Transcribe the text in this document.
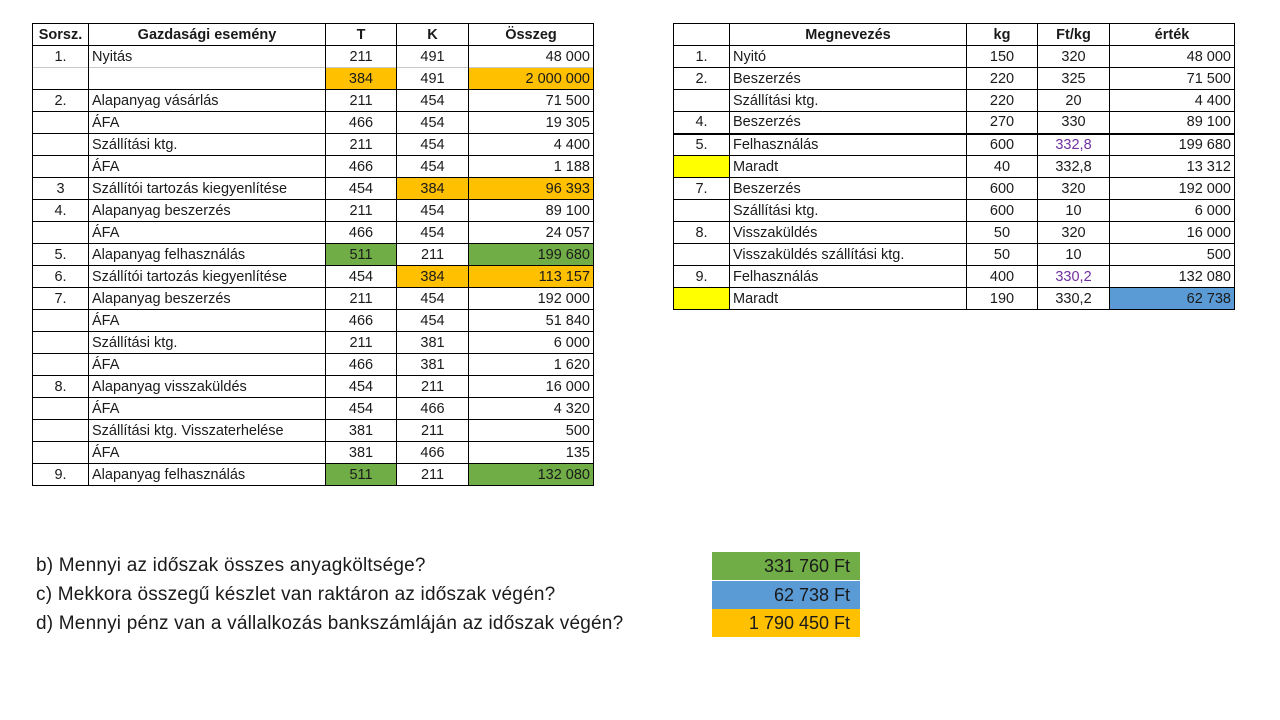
Sorsz.	Gazdasági esemény	T	K	Összeg
1.	Nyitás	211	491	48 000
		384	491	2 000 000
2.	Alapanyag vásárlás	211	454	71 500
	ÁFA	466	454	19 305
	Szállítási ktg.	211	454	4 400
	ÁFA	466	454	1 188
3	Szállítói tartozás kiegyenlítése	454	384	96 393
4.	Alapanyag beszerzés	211	454	89 100
	ÁFA	466	454	24 057
5.	Alapanyag felhasználás	511	211	199 680
6.	Szállítói tartozás kiegyenlítése	454	384	113 157
7.	Alapanyag beszerzés	211	454	192 000
	ÁFA	466	454	51 840
	Szállítási ktg.	211	381	6 000
	ÁFA	466	381	1 620
8.	Alapanyag visszaküldés	454	211	16 000
	ÁFA	454	466	4 320
	Szállítási ktg. Visszaterhelése	381	211	500
	ÁFA	381	466	135
9.	Alapanyag felhasználás	511	211	132 080
	Megnevezés	kg	Ft/kg	érték
1.	Nyitó	150	320	48 000
2.	Beszerzés	220	325	71 500
	Szállítási ktg.	220	20	4 400
4.	Beszerzés	270	330	89 100
5.	Felhasználás	600	332,8	199 680
	Maradt	40	332,8	13 312
7.	Beszerzés	600	320	192 000
	Szállítási ktg.	600	10	6 000
8.	Visszaküldés	50	320	16 000
	Visszaküldés szállítási ktg.	50	10	500
9.	Felhasználás	400	330,2	132 080
	Maradt	190	330,2	62 738
b) Mennyi az időszak összes anyagköltsége?	331 760 Ft
c) Mekkora összegű készlet van raktáron az időszak végén?	62 738 Ft
d) Mennyi pénz van a vállalkozás bankszámláján az időszak végén?	1 790 450 Ft
